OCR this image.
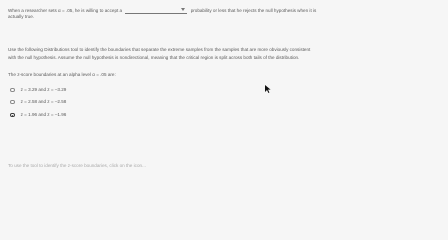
When a researcher sets α = .05, he is willing to accept a	probability or less that he rejects the null hypothesis when it is
actually true.
Use the following Distributions tool to identify the boundaries that separate the extreme samples from the samples that are more obviously consistent
with the null hypothesis. Assume the null hypothesis is nondirectional, meaning that the critical region is split across both tails of the distribution.
The z-score boundaries at an alpha level α = .05 are:
z = 3.29 and z = –3.29
z = 2.58 and z = –2.58
z = 1.96 and z = –1.96
To use the tool to identify the z-score boundaries, click on the icon...
